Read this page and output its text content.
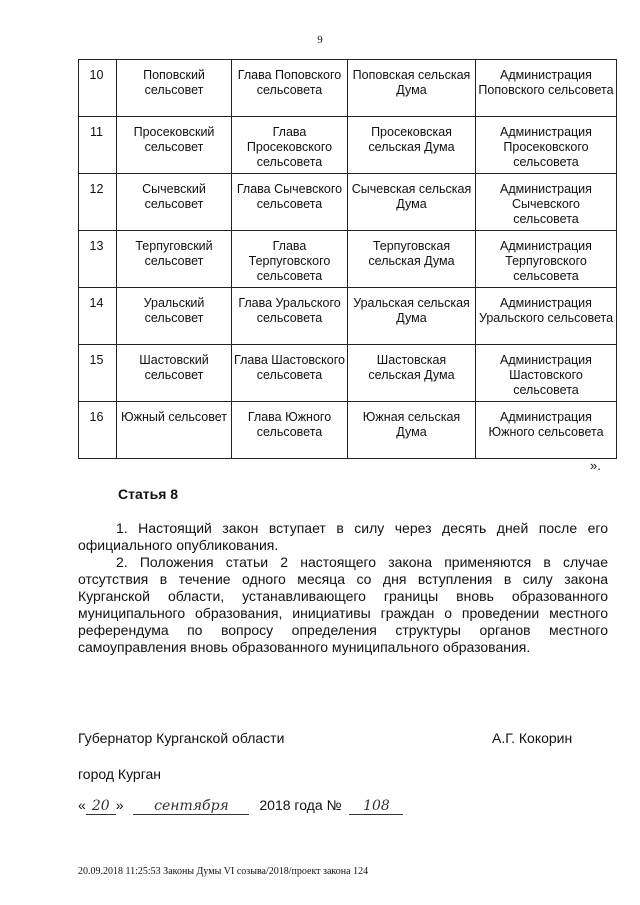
9
10	Поповский сельсовет	Глава Поповского сельсовета	Поповская сельская Дума	Администрация Поповского сельсовета
11	Просековский сельсовет	Глава Просековского сельсовета	Просековская сельская Дума	Администрация Просековского сельсовета
12	Сычевский сельсовет	Глава Сычевского сельсовета	Сычевская сельская Дума	Администрация Сычевского сельсовета
13	Терпуговский сельсовет	Глава Терпуговского сельсовета	Терпуговская сельская Дума	Администрация Терпуговского сельсовета
14	Уральский сельсовет	Глава Уральского сельсовета	Уральская сельская Дума	Администрация Уральского сельсовета
15	Шастовский сельсовет	Глава Шастовского сельсовета	Шастовская сельская Дума	Администрация Шастовского сельсовета
16	Южный сельсовет	Глава Южного сельсовета	Южная сельская Дума	Администрация Южного сельсовета
».
Статья 8
1. Настоящий закон вступает в силу через десять дней после его официального опубликования.
2. Положения статьи 2 настоящего закона применяются в случае отсутствия в течение одного месяца со дня вступления в силу закона Курганской области, устанавливающего границы вновь образованного муниципального образования, инициативы граждан о проведении местного референдума по вопросу определения структуры органов местного самоуправления вновь образованного муниципального образования.
Губернатор Курганской области	А.Г. Кокорин
город Курган
« 20 » сентября 2018 года № 108
20.09.2018 11:25:53 Законы Думы VI созыва/2018/проект закона 124
